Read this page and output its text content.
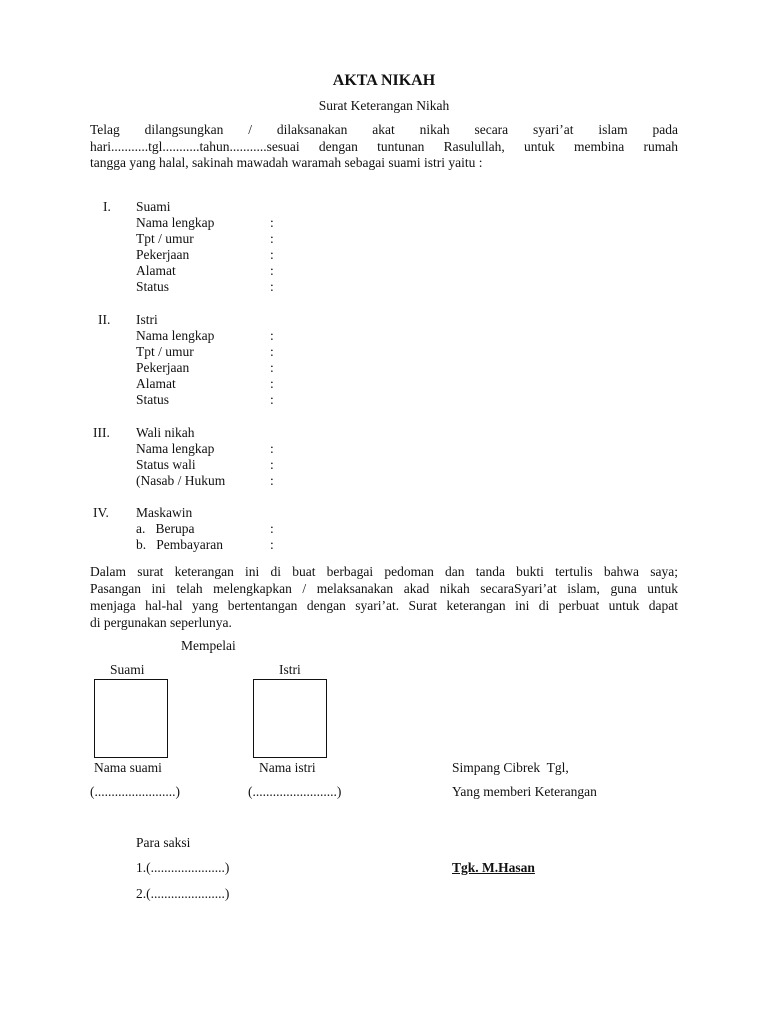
AKTA NIKAH
Surat Keterangan Nikah
Telag dilangsungkan / dilaksanakan akat nikah secara syari’at islam pada
hari...........tgl...........tahun...........sesuai dengan tuntunan Rasulullah, untuk membina rumah
tangga yang halal, sakinah mawadah waramah sebagai suami istri yaitu :
I. Suami
Nama lengkap	:
Tpt / umur	:
Pekerjaan	:
Alamat	:
Status	:
II. Istri
Nama lengkap	:
Tpt / umur	:
Pekerjaan	:
Alamat	:
Status	:
III. Wali nikah
Nama lengkap	:
Status wali	:
(Nasab / Hukum	:
IV. Maskawin
a.   Berupa	:
b.   Pembayaran	:
Dalam surat keterangan ini di buat berbagai pedoman dan tanda bukti tertulis bahwa saya;
Pasangan ini telah melengkapkan / melaksanakan akad nikah secaraSyari’at islam, guna untuk
menjaga hal-hal yang bertentangan dengan syari’at. Surat keterangan ini di perbuat untuk dapat
di pergunakan seperlunya.
Mempelai
Suami	Istri
Nama suami	Nama istri	Simpang Cibrek  Tgl,
(........................)	(.........................)	Yang memberi Keterangan
Para saksi
1.(......................)	Tgk. M.Hasan
2.(......................)
